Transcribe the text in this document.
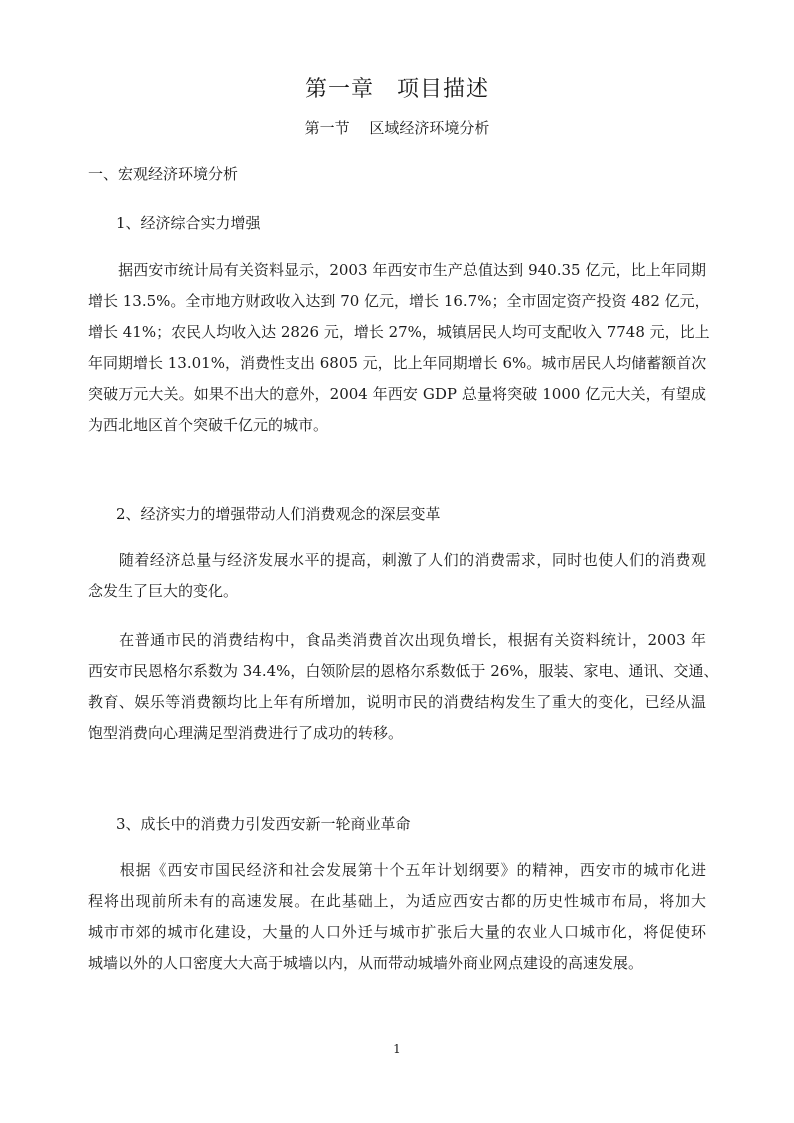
第一章　项目描述
第一节　 区域经济环境分析
一、宏观经济环境分析
1、经济综合实力增强
　　据西安市统计局有关资料显示，2003 年西安市生产总值达到 940.35 亿元，比上年同期
增长 13.5%。全市地方财政收入达到 70 亿元，增长 16.7%；全市固定资产投资 482 亿元，
增长 41%；农民人均收入达 2826 元，增长 27%，城镇居民人均可支配收入 7748 元，比上
年同期增长 13.01%，消费性支出 6805 元，比上年同期增长 6%。城市居民人均储蓄额首次
突破万元大关。如果不出大的意外，2004 年西安 GDP 总量将突破 1000 亿元大关，有望成
为西北地区首个突破千亿元的城市。
2、经济实力的增强带动人们消费观念的深层变革
　　随着经济总量与经济发展水平的提高，刺激了人们的消费需求，同时也使人们的消费观
念发生了巨大的变化。
　　在普通市民的消费结构中，食品类消费首次出现负增长，根据有关资料统计，2003 年
西安市民恩格尔系数为 34.4%，白领阶层的恩格尔系数低于 26%，服装、家电、通讯、交通、
教育、娱乐等消费额均比上年有所增加，说明市民的消费结构发生了重大的变化，已经从温
饱型消费向心理满足型消费进行了成功的转移。
3、成长中的消费力引发西安新一轮商业革命
　　根据《西安市国民经济和社会发展第十个五年计划纲要》的精神，西安市的城市化进
程将出现前所未有的高速发展。在此基础上，为适应西安古都的历史性城市布局，将加大
城市市郊的城市化建设，大量的人口外迁与城市扩张后大量的农业人口城市化，将促使环
城墙以外的人口密度大大高于城墙以内，从而带动城墙外商业网点建设的高速发展。
1
